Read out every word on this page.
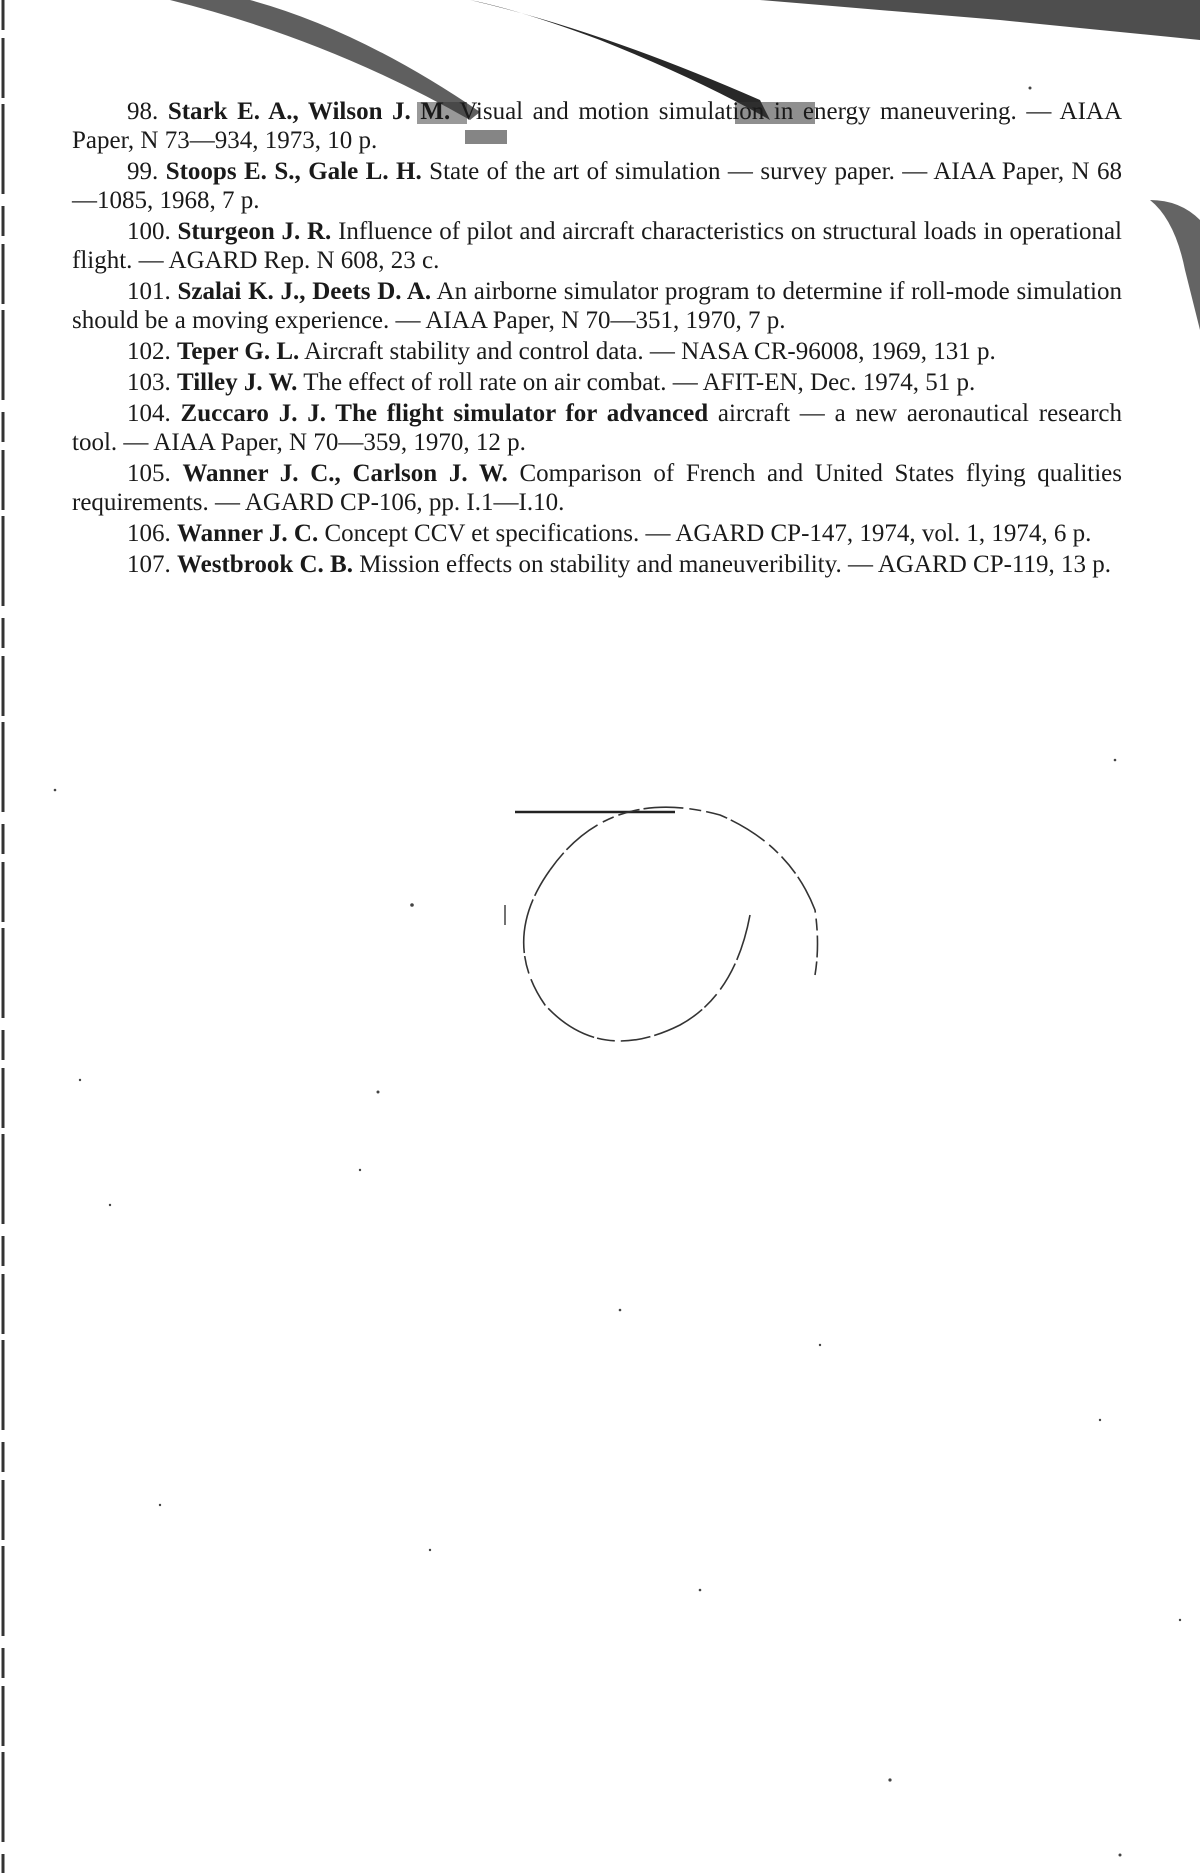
98. Stark E. A., Wilson J. M. Visual and motion simulation in energy maneuvering. — AIAA Paper, N 73—934, 1973, 10 p.

99. Stoops E. S., Gale L. H. State of the art of simulation — survey paper. — AIAA Paper, N 68—1085, 1968, 7 p.

100. Sturgeon J. R. Influence of pilot and aircraft characteristics on structural loads in operational flight. — AGARD Rep. N 608, 23 c.

101. Szalai K. J., Deets D. A. An airborne simulator program to determine if roll-mode simulation should be a moving experience. — AIAA Paper, N 70—351, 1970, 7 p.

102. Teper G. L. Aircraft stability and control data. — NASA CR-96008, 1969, 131 p.

103. Tilley J. W. The effect of roll rate on air combat. — AFIT-EN, Dec. 1974, 51 p.

104. Zuccaro J. J. The flight simulator for advanced aircraft — a new aeronautical research tool. — AIAA Paper, N 70—359, 1970, 12 p.

105. Wanner J. C., Carlson J. W. Comparison of French and United States flying qualities requirements. — AGARD CP-106, pp. I.1—I.10.

106. Wanner J. C. Concept CCV et specifications. — AGARD CP-147, 1974, vol. 1, 1974, 6 p.

107. Westbrook C. B. Mission effects on stability and maneuveribility. — AGARD CP-119, 13 p.
